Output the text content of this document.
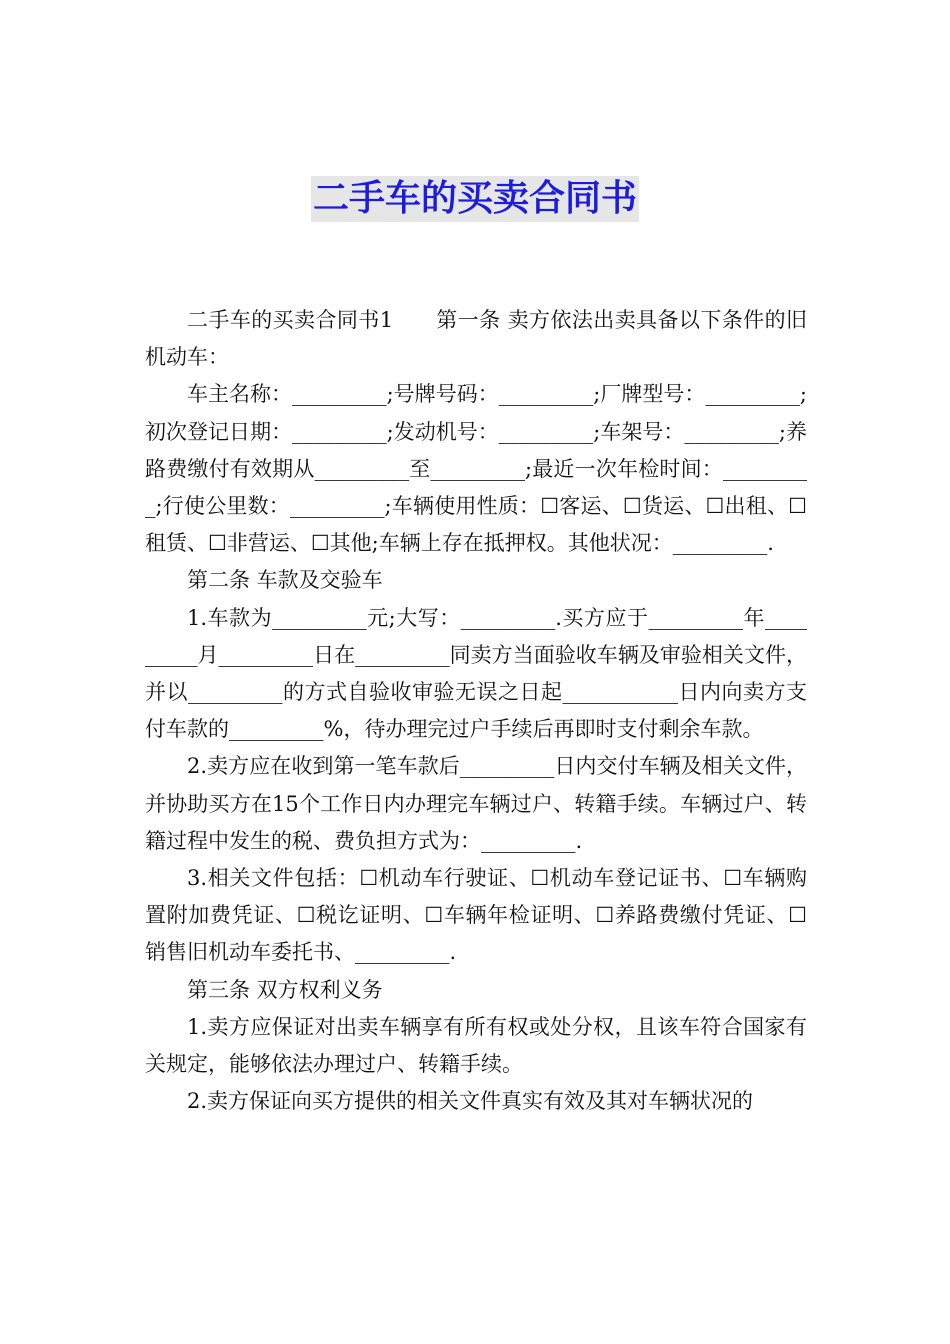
二手车的买卖合同书

二手车的买卖合同书1　　第一条 卖方依法出卖具备以下条件的旧机动车：

车主名称：_________;号牌号码：_________;厂牌型号：_________;初次登记日期：_________;发动机号：_________;车架号：_________;养路费缴付有效期从_________至_________;最近一次年检时间：_________;行使公里数：_________;车辆使用性质：☐客运、☐货运、☐出租、☐租赁、☐非营运、☐其他;车辆上存在抵押权。其他状况：_________.

第二条 车款及交验车

1.车款为_________元;大写：_________.买方应于_________年_________月_________日在_________同卖方当面验收车辆及审验相关文件，并以_________的方式自验收审验无误之日起___________日内向卖方支付车款的_________%，待办理完过户手续后再即时支付剩余车款。

2.卖方应在收到第一笔车款后_________日内交付车辆及相关文件，并协助买方在15个工作日内办理完车辆过户、转籍手续。车辆过户、转籍过程中发生的税、费负担方式为：_________.

3.相关文件包括：☐机动车行驶证、☐机动车登记证书、☐车辆购置附加费凭证、☐税讫证明、☐车辆年检证明、☐养路费缴付凭证、☐销售旧机动车委托书、_________.

第三条 双方权利义务

1.卖方应保证对出卖车辆享有所有权或处分权，且该车符合国家有关规定，能够依法办理过户、转籍手续。

2.卖方保证向买方提供的相关文件真实有效及其对车辆状况的
